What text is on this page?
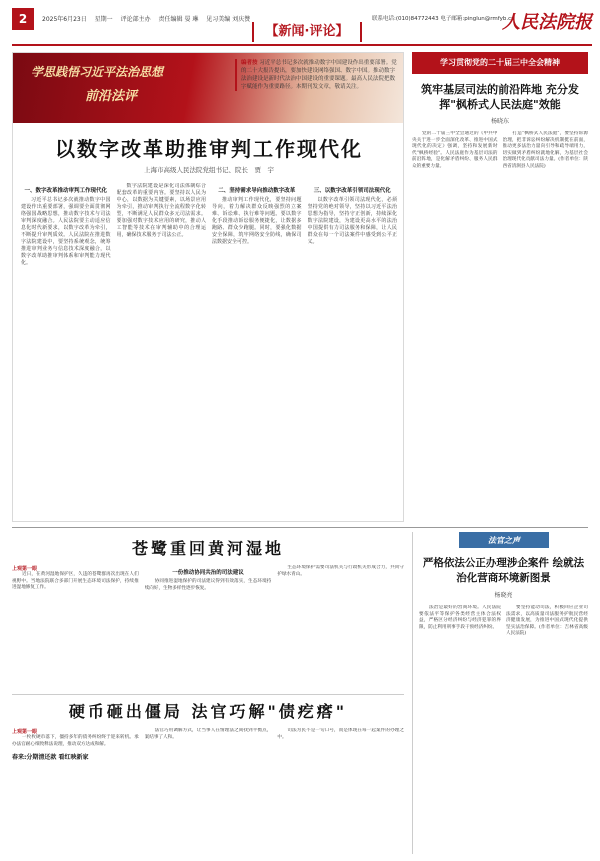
2	2025年6月23日 星期一 评论部主办 责任编辑 晏 琳 见习美编 刘庆赞
【新闻·评论】
联系电话:(010)84772443 电子邮箱:pinglun@rmfyb.cn
人民法院报
学思践悟习近平法治思想
前沿法评
编者按 习近平总书记多次就推动数字中国建设作出重要部署。党的二十大报告提出，要加快建设网络强国、数字中国。推动数字法治建设是新时代法治中国建设的重要课题。最高人民法院把数字赋能作为重要路径。本期刊发文章，敬请关注。
以数字改革助推审判工作现代化
上海市高级人民法院党组书记、院长　贾　宇
一、数字改革推动审判工作现代化

习近平总书记多次就推动数字中国建设作出重要部署，强调要全面贯彻网络强国战略思想，推动数字技术与司法审判深度融合。人民法院要主动适应信息化时代新要求，以数字改革为牵引，不断提升审判质效。人民法院在推进数字法院建设中，要坚持系统观念，统筹推进审判业务与信息技术深度融合，以数字改革助推审判体系和审判能力现代化。

数字法院建设是深化司法体制综合配套改革的重要内容。要坚持以人民为中心，以数据为关键要素，以场景应用为牵引，推动审判执行全流程数字化转型，不断满足人民群众多元司法需求。要加强对数字技术应用的研究，推动人工智能等技术在审判辅助中的合理运用，确保技术服务于司法公正。

二、坚持需求导向推动数字改革

推动审判工作现代化，要坚持问题导向，着力解决群众反映强烈的立案难、诉讼难、执行难等问题。要以数字化手段推动诉讼服务便捷化，让数据多跑路、群众少跑腿。同时，要强化数据安全保障，筑牢网络安全防线，确保司法数据安全可控。

三、以数字改革引领司法现代化

以数字改革引领司法现代化，必须坚持党的绝对领导，坚持以习近平法治思想为指导，坚持守正创新，持续深化数字法院建设，为建设更高水平的法治中国提供有力司法服务和保障，让人民群众在每一个司法案件中感受到公平正义。

学习贯彻党的二十届三中全会精神
筑牢基层司法的前沿阵地 充分发挥"枫桥式人民法庭"效能
杨晓东

党的二十届三中全会通过的《中共中央关于进一步全面深化改革、推进中国式现代化的决定》强调，坚持和发展新时代"枫桥经验"。人民法庭作为基层司法的前沿阵地，是化解矛盾纠纷、服务人民群众的重要力量。

打造"枫桥式人民法庭"，要坚持诉源治理，把非诉讼纠纷解决机制挺在前面，推动更多法治力量向引导和疏导端用力，切实做到矛盾纠纷就地化解，为基层社会治理现代化贡献司法力量。(作者单位：陕西省清涧县人民法院)

苍鹭重回黄河湿地
上观第一眼

近日，在黄河湿地保护区，久违的苍鹭群再次出现在人们视野中。当地法院联合多部门开展生态环境司法保护，持续推进湿地修复工作。

一份推动协同共治的司法建议

协同推进湿地保护的司法建议得到有效落实，生态环境持续向好，生物多样性逐步恢复。

生态环境保护需要司法机关与行政机关形成合力，共同守护绿水青山。

硬币砸出僵局 法官巧解"债疙瘩"
上观第一眼

一枚枚硬币落下，僵持多年的债务纠纷终于迎来转机。承办法官耐心细致释法说理，推动双方达成和解。

春来:分期清还款 看红映新家

法官巧用调解方式，让当事人在情理法之间找到平衡点，案结事了人和。

司法为民不是一句口号，而是体现在每一起案件的办理之中。

法官之声
严格依法公正办理涉企案件 绘就法治化营商环境新图景
杨晓亮

法治是最好的营商环境。人民法院要依法平等保护各类经营主体合法权益，严格区分经济纠纷与经济犯罪的界限，防止利用刑事手段干预经济纠纷。

要坚持能动司法，积极回应企业司法需求，以高质量司法服务护航民营经济健康发展，为推进中国式现代化提供坚实法治保障。(作者单位：吉林省高级人民法院)
